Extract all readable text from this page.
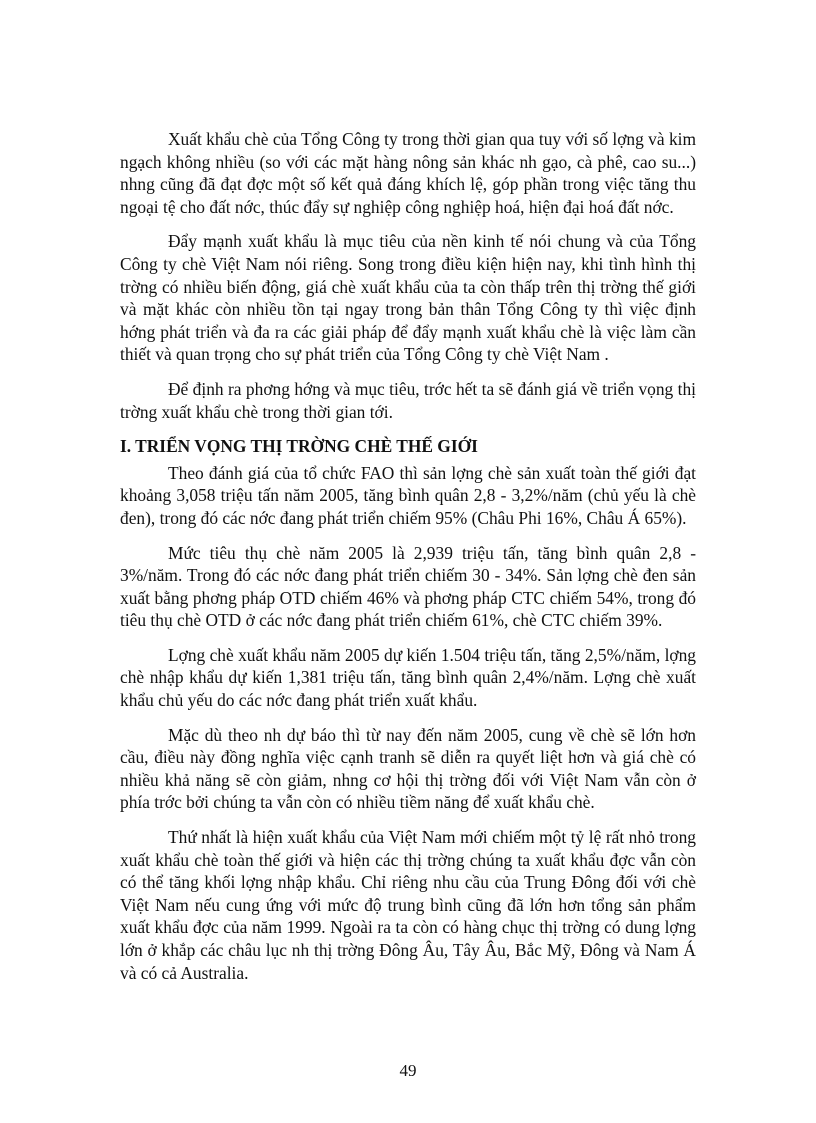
Xuất khẩu chè của Tổng Công ty trong thời gian qua tuy với số lợng và kim ngạch không nhiều (so với các mặt hàng nông sản khác nh gạo, cà phê, cao su...) nhng cũng đã đạt đợc một số kết quả đáng khích lệ, góp phần trong việc tăng thu ngoại tệ cho đất nớc, thúc đẩy sự nghiệp công nghiệp hoá, hiện đại hoá đất nớc.

Đẩy mạnh xuất khẩu là mục tiêu của nền kinh tế nói chung và của Tổng Công ty chè Việt Nam nói riêng. Song trong điều kiện hiện nay, khi tình hình thị trờng có nhiều biến động, giá chè xuất khẩu của ta còn thấp trên thị trờng thế giới và mặt khác còn nhiều tồn tại ngay trong bản thân Tổng Công ty thì việc định hớng phát triển và đa ra các giải pháp để đẩy mạnh xuất khẩu chè là việc làm cần thiết và quan trọng cho sự phát triển của Tổng Công ty chè Việt Nam .

Để định ra phơng hớng và mục tiêu, trớc hết ta sẽ đánh giá về triển vọng thị trờng xuất khẩu chè trong thời gian tới.

I. TRIỂN VỌNG THỊ TRỜNG CHÈ THẾ GIỚI

Theo đánh giá của tổ chức FAO thì sản lợng chè sản xuất toàn thế giới đạt khoảng 3,058 triệu tấn năm 2005, tăng bình quân 2,8 - 3,2%/năm (chủ yếu là chè đen), trong đó các nớc đang phát triển chiếm 95% (Châu Phi 16%, Châu Á 65%).

Mức tiêu thụ chè năm 2005 là 2,939 triệu tấn, tăng bình quân 2,8 - 3%/năm. Trong đó các nớc đang phát triển chiếm 30 - 34%. Sản lợng chè đen sản xuất bằng phơng pháp OTD chiếm 46% và phơng pháp CTC chiếm 54%, trong đó tiêu thụ chè OTD ở các nớc đang phát triển chiếm 61%, chè CTC chiếm 39%.

Lợng chè xuất khẩu năm 2005 dự kiến 1.504 triệu tấn, tăng 2,5%/năm, lợng chè nhập khẩu dự kiến 1,381 triệu tấn, tăng bình quân 2,4%/năm. Lợng chè xuất khẩu chủ yếu do các nớc đang phát triển xuất khẩu.

Mặc dù theo nh dự báo thì từ nay đến năm 2005, cung về chè sẽ lớn hơn cầu, điều này đồng nghĩa việc cạnh tranh sẽ diễn ra quyết liệt hơn và giá chè có nhiều khả năng sẽ còn giảm, nhng cơ hội thị trờng đối với Việt Nam vẫn còn ở phía trớc bởi chúng ta vẫn còn có nhiều tiềm năng để xuất khẩu chè.

Thứ nhất là hiện xuất khẩu của Việt Nam mới chiếm một tỷ lệ rất nhỏ trong xuất khẩu chè toàn thế giới và hiện các thị trờng chúng ta xuất khẩu đợc vẫn còn có thể tăng khối lợng nhập khẩu. Chỉ riêng nhu cầu của Trung Đông đối với chè Việt Nam nếu cung ứng với mức độ trung bình cũng đã lớn hơn tổng sản phẩm xuất khẩu đợc của năm 1999. Ngoài ra ta còn có hàng chục thị trờng có dung lợng lớn ở khắp các châu lục nh thị trờng Đông Âu, Tây Âu, Bắc Mỹ, Đông và Nam Á và có cả Australia.

49
